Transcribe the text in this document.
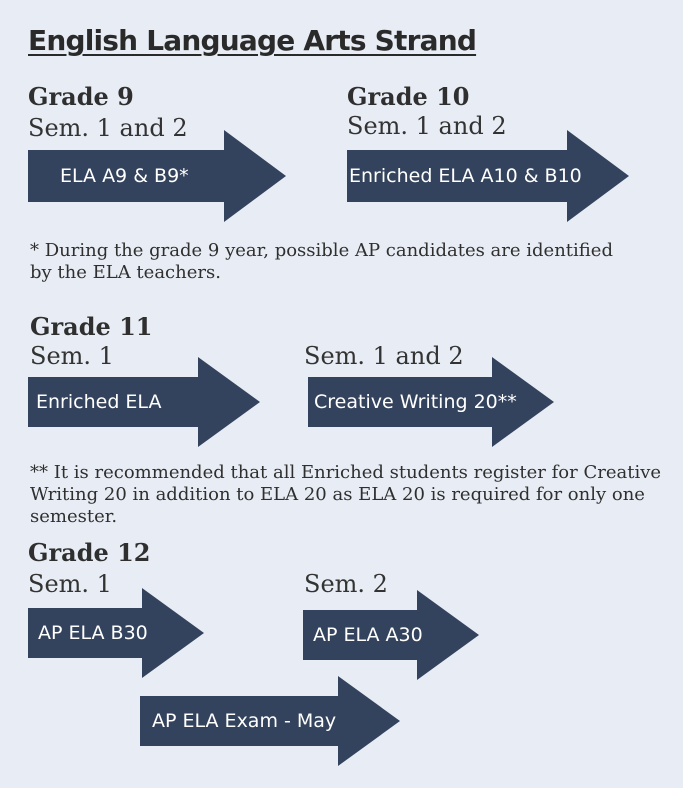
English Language Arts Strand
Grade 9
Sem. 1 and 2
ELA A9 & B9*
Grade 10
Sem. 1 and 2
Enriched ELA A10 & B10
* During the grade 9 year, possible AP candidates are identified by the ELA teachers.
Grade 11
Sem. 1
Enriched ELA
Sem. 1 and 2
Creative Writing 20**
** It is recommended that all Enriched students register for Creative Writing 20 in addition to ELA 20 as ELA 20 is required for only one semester.
Grade 12
Sem. 1
AP ELA B30
Sem. 2
AP ELA A30
AP ELA Exam - May
